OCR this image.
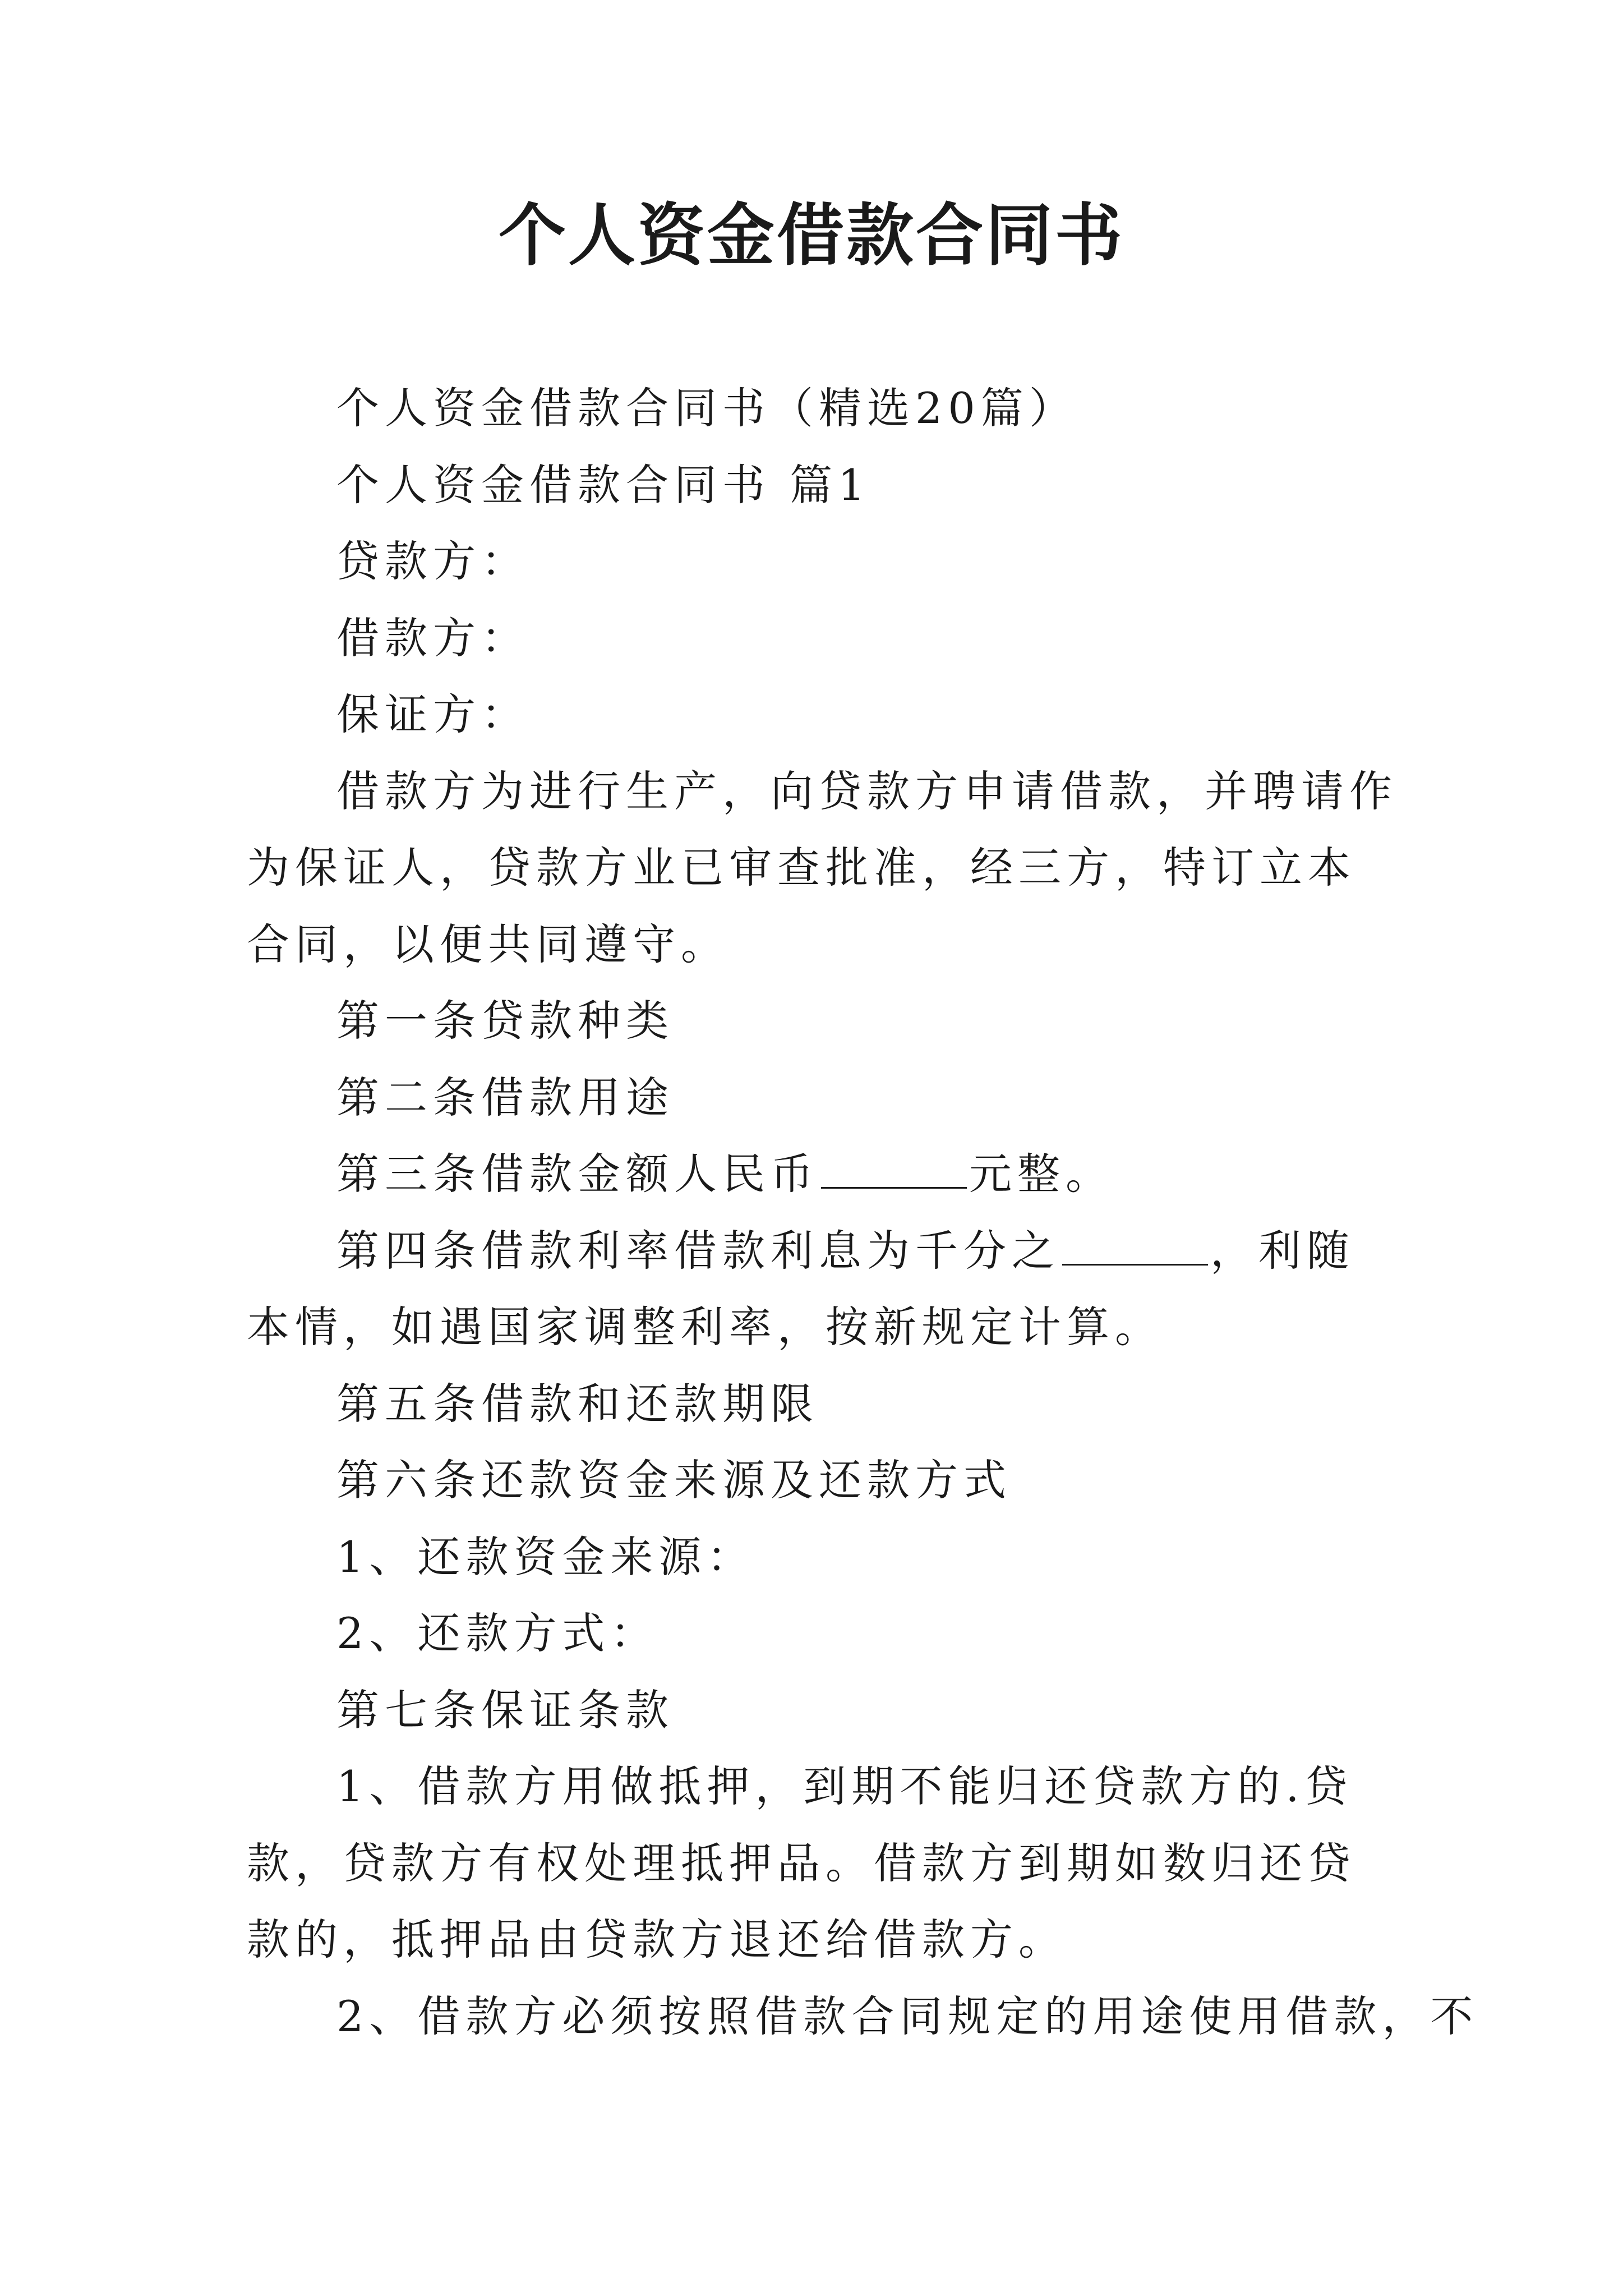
个人资金借款合同书

个人资金借款合同书（精选20篇）

个人资金借款合同书 篇1

贷款方：

借款方：

保证方：

借款方为进行生产，向贷款方申请借款，并聘请作为保证人，贷款方业已审查批准，经三方，特订立本合同，以便共同遵守。

第一条贷款种类

第二条借款用途

第三条借款金额人民币	元整。

第四条借款利率借款利息为千分之	，利随本情，如遇国家调整利率，按新规定计算。

第五条借款和还款期限

第六条还款资金来源及还款方式

1、还款资金来源：

2、还款方式：

第七条保证条款

1、借款方用做抵押，到期不能归还贷款方的.贷款，贷款方有权处理抵押品。借款方到期如数归还贷款的，抵押品由贷款方退还给借款方。

2、借款方必须按照借款合同规定的用途使用借款，不
